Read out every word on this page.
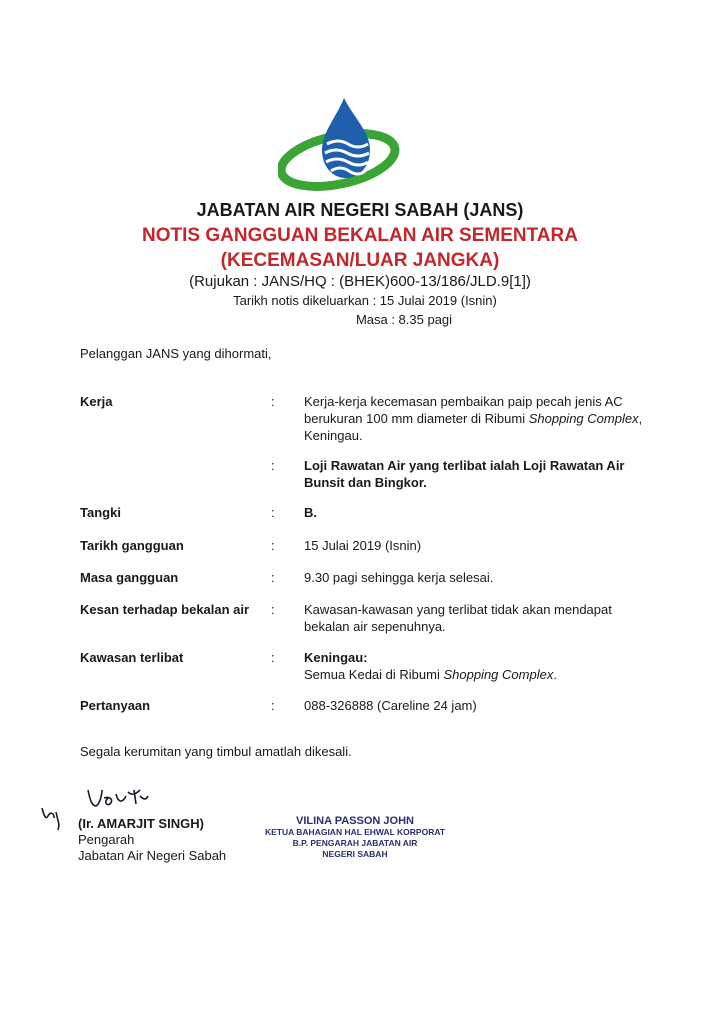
JABATAN AIR NEGERI SABAH (JANS)
NOTIS GANGGUAN BEKALAN AIR SEMENTARA
(KECEMASAN/LUAR JANGKA)
(Rujukan : JANS/HQ : (BHEK)600-13/186/JLD.9[1])
Tarikh notis dikeluarkan : 15 Julai 2019 (Isnin)
Masa : 8.35 pagi
Pelanggan JANS yang dihormati,
Kerja	: Kerja-kerja kecemasan pembaikan paip pecah jenis AC berukuran 100 mm diameter di Ribumi Shopping Complex, Keningau.
: Loji Rawatan Air yang terlibat ialah Loji Rawatan Air Bunsit dan Bingkor.
Tangki	: B.
Tarikh gangguan	: 15 Julai 2019 (Isnin)
Masa gangguan	: 9.30 pagi sehingga kerja selesai.
Kesan terhadap bekalan air : Kawasan-kawasan yang terlibat tidak akan mendapat bekalan air sepenuhnya.
Kawasan terlibat	: Keningau:
Semua Kedai di Ribumi Shopping Complex.
Pertanyaan	: 088-326888 (Careline 24 jam)
Segala kerumitan yang timbul amatlah dikesali.
(Ir. AMARJIT SINGH)
Pengarah
Jabatan Air Negeri Sabah
VILINA PASSON JOHN
KETUA BAHAGIAN HAL EHWAL KORPORAT
B.P. PENGARAH JABATAN AIR
NEGERI SABAH
